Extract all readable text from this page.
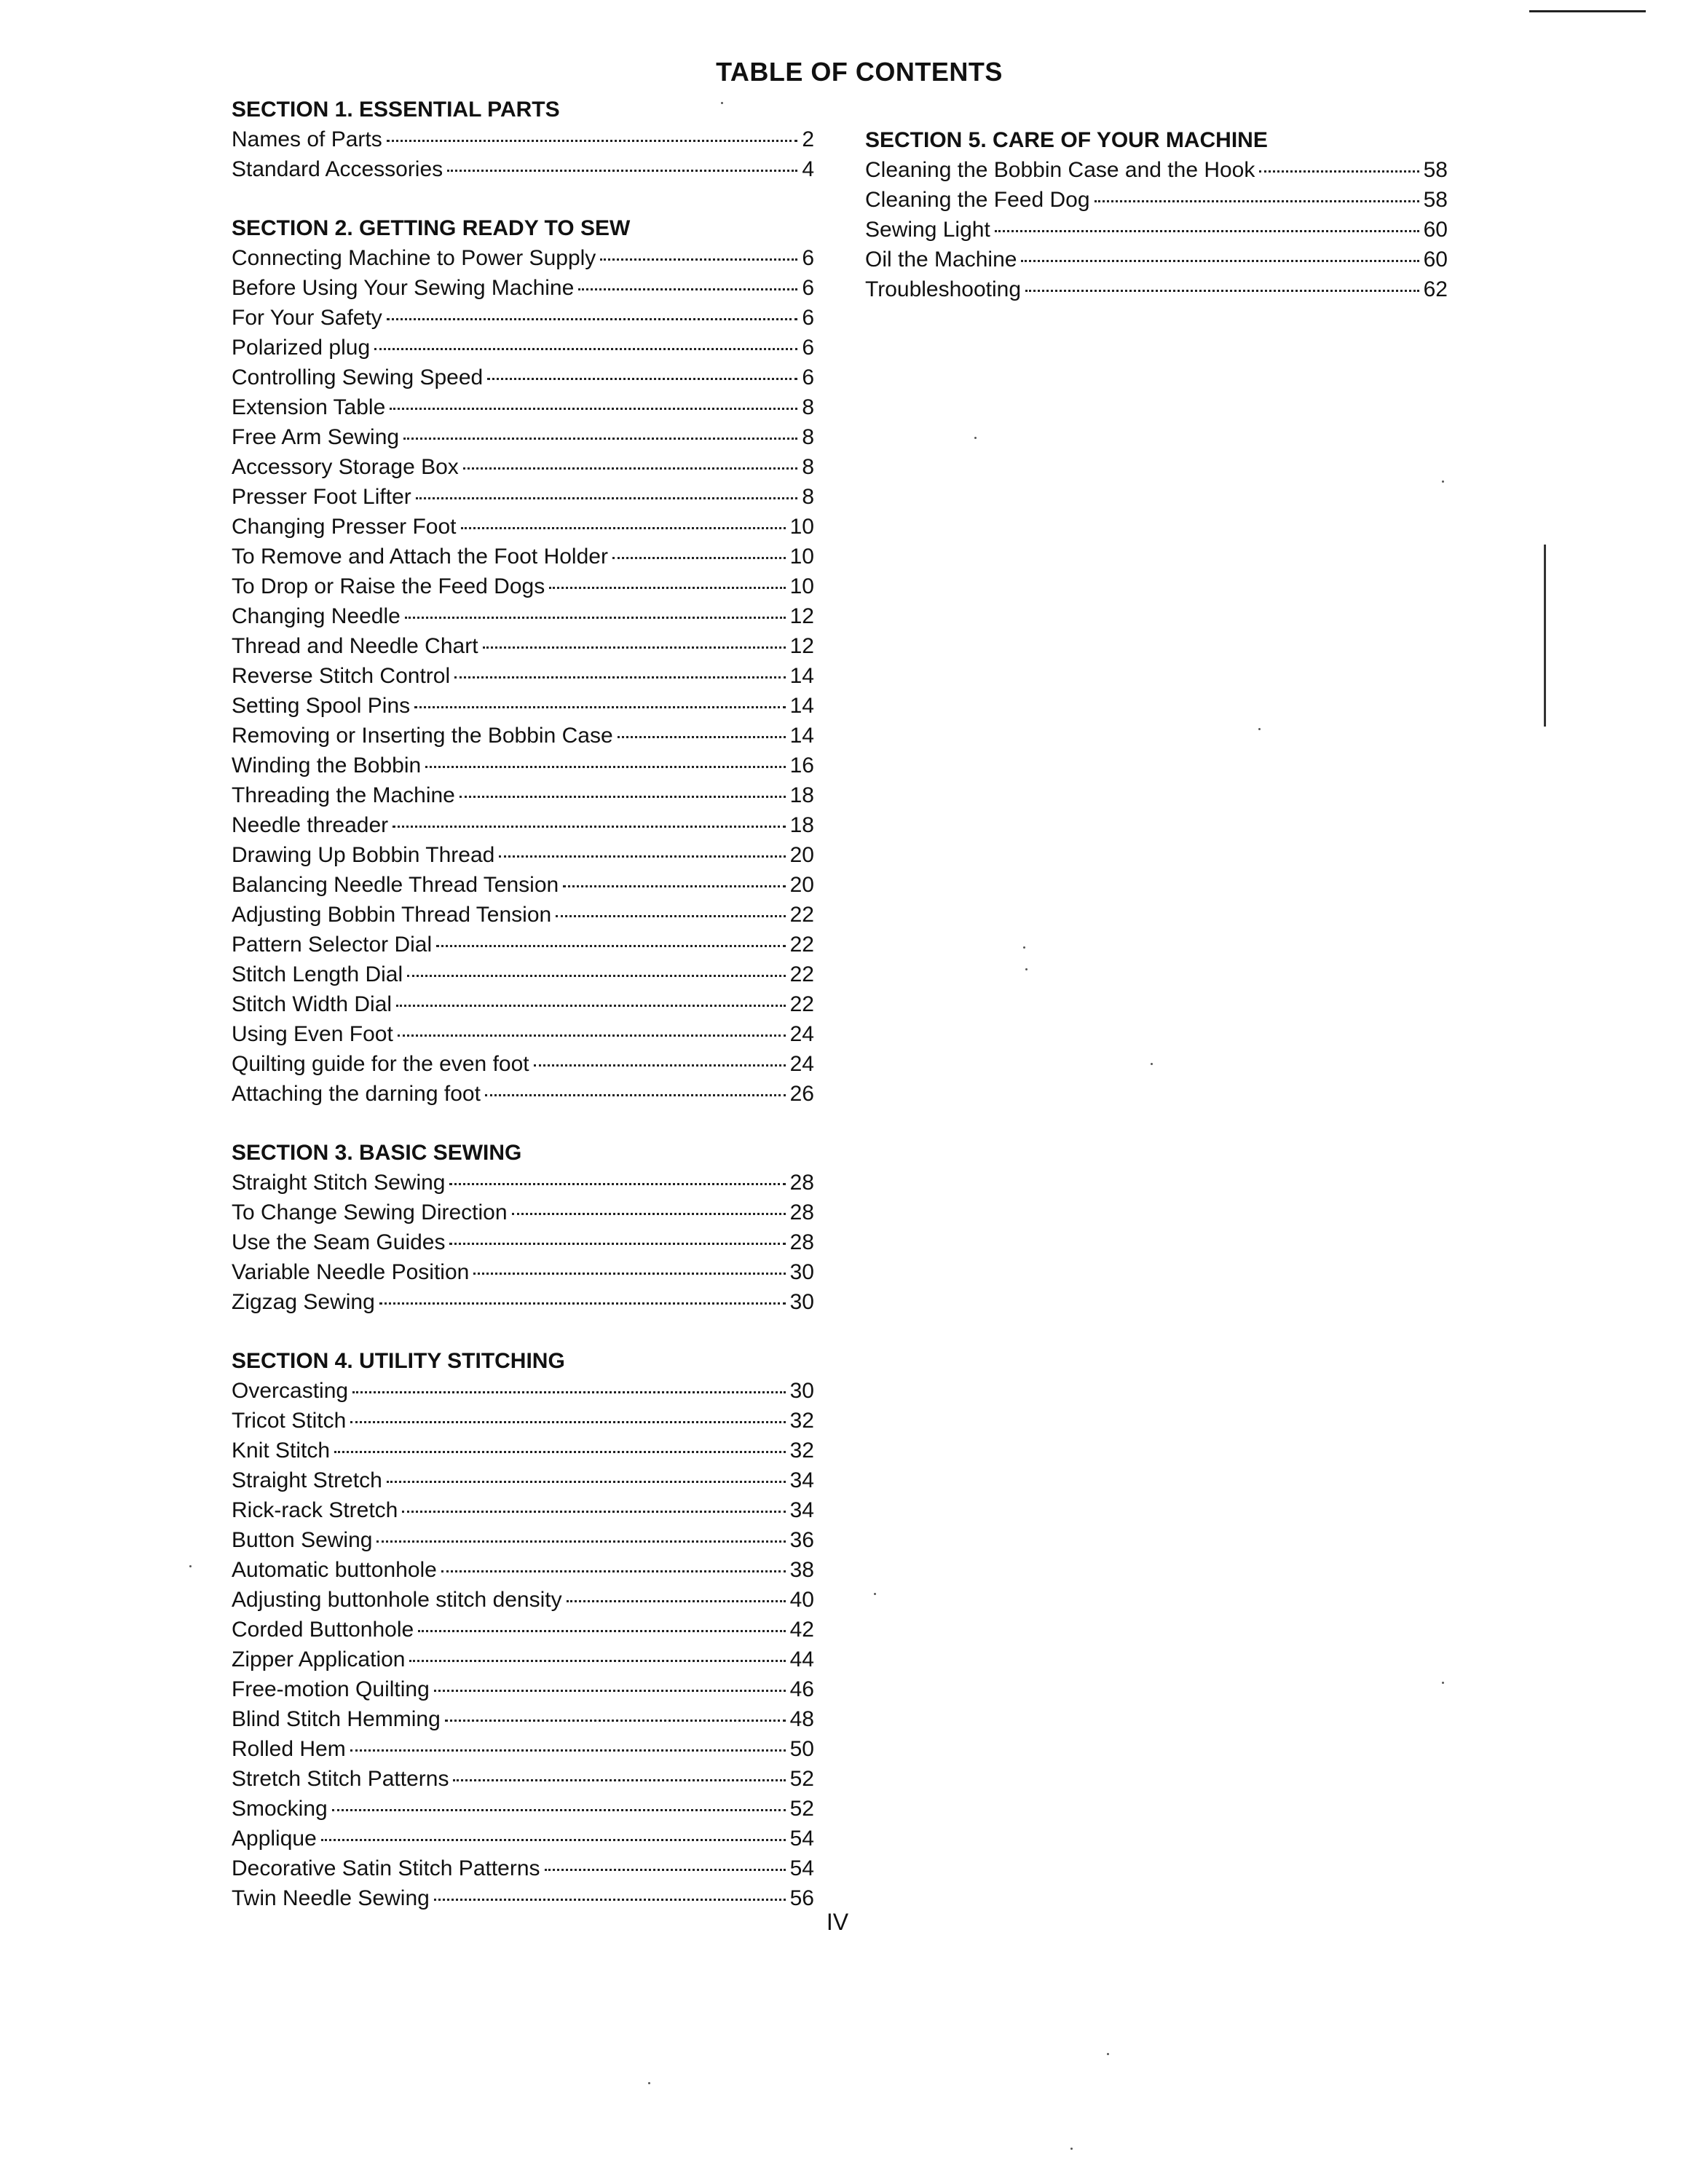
TABLE OF CONTENTS
SECTION 1. ESSENTIAL PARTS
Names of Parts	2
Standard Accessories	4
SECTION 2. GETTING READY TO SEW
Connecting Machine to Power Supply	6
Before Using Your Sewing Machine	6
For Your Safety	6
Polarized plug	6
Controlling Sewing Speed	6
Extension Table	8
Free Arm Sewing	8
Accessory Storage Box	8
Presser Foot Lifter	8
Changing Presser Foot	10
To Remove and Attach the Foot Holder	10
To Drop or Raise the Feed Dogs	10
Changing Needle	12
Thread and Needle Chart	12
Reverse Stitch Control	14
Setting Spool Pins	14
Removing or Inserting the Bobbin Case	14
Winding the Bobbin	16
Threading the Machine	18
Needle threader	18
Drawing Up Bobbin Thread	20
Balancing Needle Thread Tension	20
Adjusting Bobbin Thread Tension	22
Pattern Selector Dial	22
Stitch Length Dial	22
Stitch Width Dial	22
Using Even Foot	24
Quilting guide for the even foot	24
Attaching the darning foot	26
SECTION 3. BASIC SEWING
Straight Stitch Sewing	28
To Change Sewing Direction	28
Use the Seam Guides	28
Variable Needle Position	30
Zigzag Sewing	30
SECTION 4. UTILITY STITCHING
Overcasting	30
Tricot Stitch	32
Knit Stitch	32
Straight Stretch	34
Rick-rack Stretch	34
Button Sewing	36
Automatic buttonhole	38
Adjusting buttonhole stitch density	40
Corded Buttonhole	42
Zipper Application	44
Free-motion Quilting	46
Blind Stitch Hemming	48
Rolled Hem	50
Stretch Stitch Patterns	52
Smocking	52
Applique	54
Decorative Satin Stitch Patterns	54
Twin Needle Sewing	56
SECTION 5. CARE OF YOUR MACHINE
Cleaning the Bobbin Case and the Hook	58
Cleaning the Feed Dog	58
Sewing Light	60
Oil the Machine	60
Troubleshooting	62
IV
